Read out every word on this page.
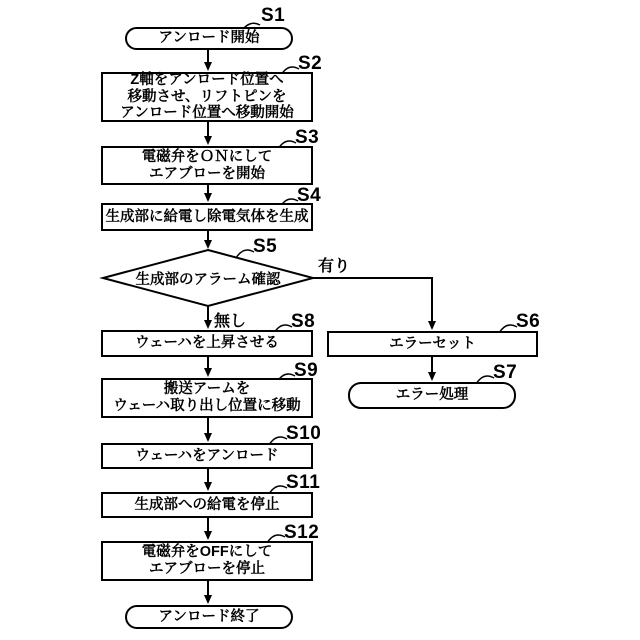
アンロード開始
Z軸をアンロード位置へ
移動させ、リフトピンを
アンロード位置へ移動開始
電磁弁をＯＮにして
エアブローを開始
生成部に給電し除電気体を生成
生成部のアラーム確認
ウェーハを上昇させる	エラーセット
エラー処理
搬送アームを
ウェーハ取り出し位置に移動
ウェーハをアンロード
生成部への給電を停止
電磁弁をOFFにして
エアブローを停止
アンロード終了
S1
S2
S3
S4
S5
S6
S7
S8
S9
S10
S11
S12
有り
無し
